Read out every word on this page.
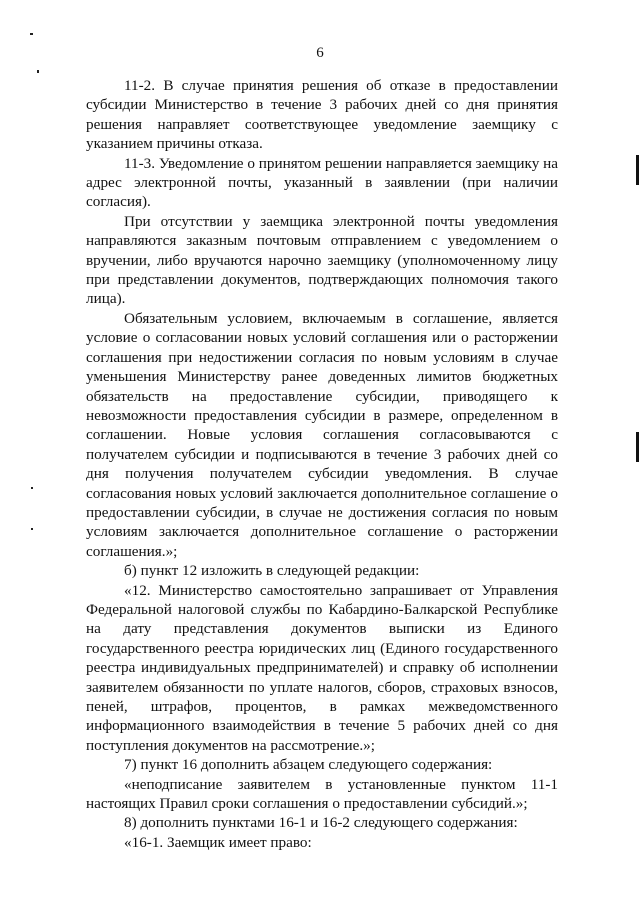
6

11-2. В случае принятия решения об отказе в предоставлении субсидии Министерство в течение 3 рабочих дней со дня принятия решения направляет соответствующее уведомление заемщику с указанием причины отказа.

11-3. Уведомление о принятом решении направляется заемщику на адрес электронной почты, указанный в заявлении (при наличии согласия).

При отсутствии у заемщика электронной почты уведомления направляются заказным почтовым отправлением с уведомлением о вручении, либо вручаются нарочно заемщику (уполномоченному лицу при представлении документов, подтверждающих полномочия такого лица).

Обязательным условием, включаемым в соглашение, является условие о согласовании новых условий соглашения или о расторжении соглашения при недостижении согласия по новым условиям в случае уменьшения Министерству ранее доведенных лимитов бюджетных обязательств на предоставление субсидии, приводящего к невозможности предоставления субсидии в размере, определенном в соглашении. Новые условия соглашения согласовываются с получателем субсидии и подписываются в течение 3 рабочих дней со дня получения получателем субсидии уведомления. В случае согласования новых условий заключается дополнительное соглашение о предоставлении субсидии, в случае не достижения согласия по новым условиям заключается дополнительное соглашение о расторжении соглашения.»;

б) пункт 12 изложить в следующей редакции:

«12. Министерство самостоятельно запрашивает от Управления Федеральной налоговой службы по Кабардино-Балкарской Республике на дату представления документов выписки из Единого государственного реестра юридических лиц (Единого государственного реестра индивидуальных предпринимателей) и справку об исполнении заявителем обязанности по уплате налогов, сборов, страховых взносов, пеней, штрафов, процентов, в рамках межведомственного информационного взаимодействия в течение 5 рабочих дней со дня поступления документов на рассмотрение.»;

7) пункт 16 дополнить абзацем следующего содержания:

«неподписание заявителем в установленные пунктом 11-1 настоящих Правил сроки соглашения о предоставлении субсидий.»;

8) дополнить пунктами 16-1 и 16-2 следующего содержания:

«16-1. Заемщик имеет право:
